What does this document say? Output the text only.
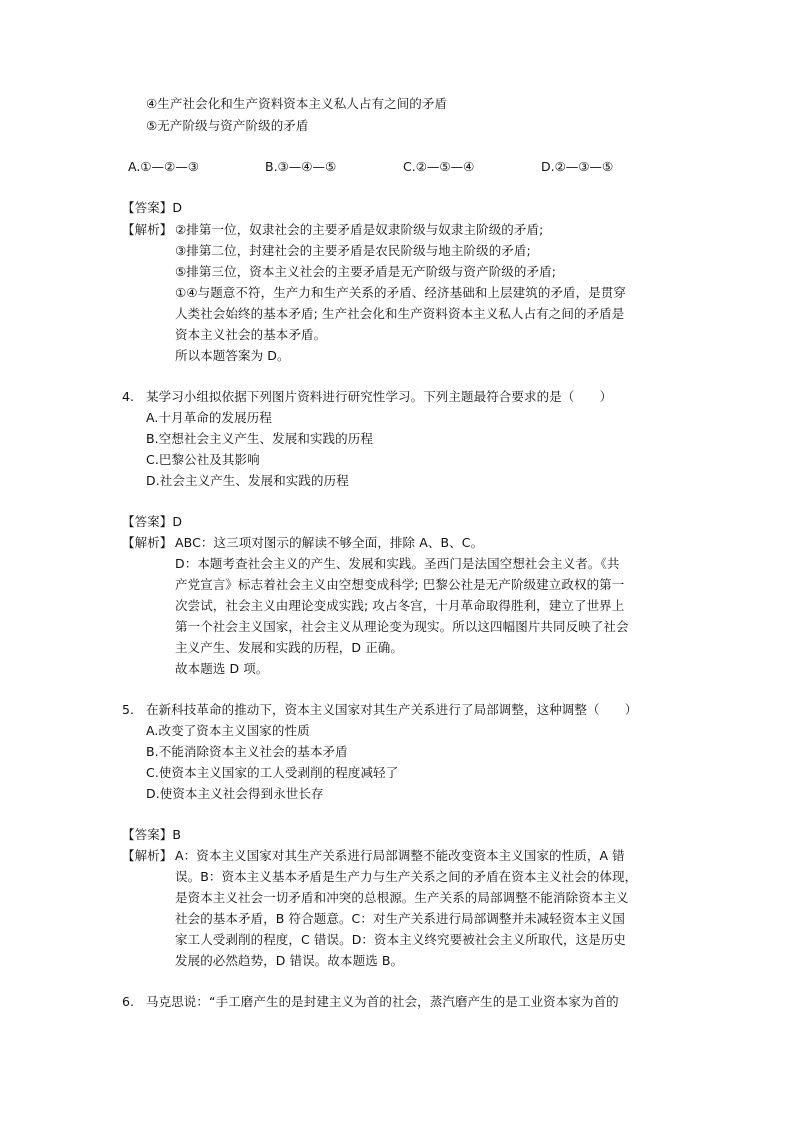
④生产社会化和生产资料资本主义私人占有之间的矛盾
⑤无产阶级与资产阶级的矛盾
A.①—②—③	B.③—④—⑤	C.②—⑤—④	D.②—③—⑤
【答案】D
【解析】 ②排第一位，奴隶社会的主要矛盾是奴隶阶级与奴隶主阶级的矛盾;
③排第二位，封建社会的主要矛盾是农民阶级与地主阶级的矛盾;
⑤排第三位，资本主义社会的主要矛盾是无产阶级与资产阶级的矛盾;
①④与题意不符，生产力和生产关系的矛盾、经济基础和上层建筑的矛盾，是贯穿
人类社会始终的基本矛盾; 生产社会化和生产资料资本主义私人占有之间的矛盾是
资本主义社会的基本矛盾。
所以本题答案为 D。
4. 某学习小组拟依据下列图片资料进行研究性学习。下列主题最符合要求的是（　　）
A.十月革命的发展历程
B.空想社会主义产生、发展和实践的历程
C.巴黎公社及其影响
D.社会主义产生、发展和实践的历程
【答案】D
【解析】 ABC：这三项对图示的解读不够全面，排除 A、B、C。
D：本题考查社会主义的产生、发展和实践。圣西门是法国空想社会主义者。《共
产党宣言》标志着社会主义由空想变成科学; 巴黎公社是无产阶级建立政权的第一
次尝试，社会主义由理论变成实践; 攻占冬宫，十月革命取得胜利，建立了世界上
第一个社会主义国家，社会主义从理论变为现实。所以这四幅图片共同反映了社会
主义产生、发展和实践的历程，D 正确。
故本题选 D 项。
5. 在新科技革命的推动下，资本主义国家对其生产关系进行了局部调整，这种调整（　　）
A.改变了资本主义国家的性质
B.不能消除资本主义社会的基本矛盾
C.使资本主义国家的工人受剥削的程度减轻了
D.使资本主义社会得到永世长存
【答案】B
【解析】 A：资本主义国家对其生产关系进行局部调整不能改变资本主义国家的性质，A 错
误。B：资本主义基本矛盾是生产力与生产关系之间的矛盾在资本主义社会的体现，
是资本主义社会一切矛盾和冲突的总根源。生产关系的局部调整不能消除资本主义
社会的基本矛盾，B 符合题意。C：对生产关系进行局部调整并未减轻资本主义国
家工人受剥削的程度，C 错误。D：资本主义终究要被社会主义所取代，这是历史
发展的必然趋势，D 错误。故本题选 B。
6. 马克思说：“手工磨产生的是封建主义为首的社会，蒸汽磨产生的是工业资本家为首的
